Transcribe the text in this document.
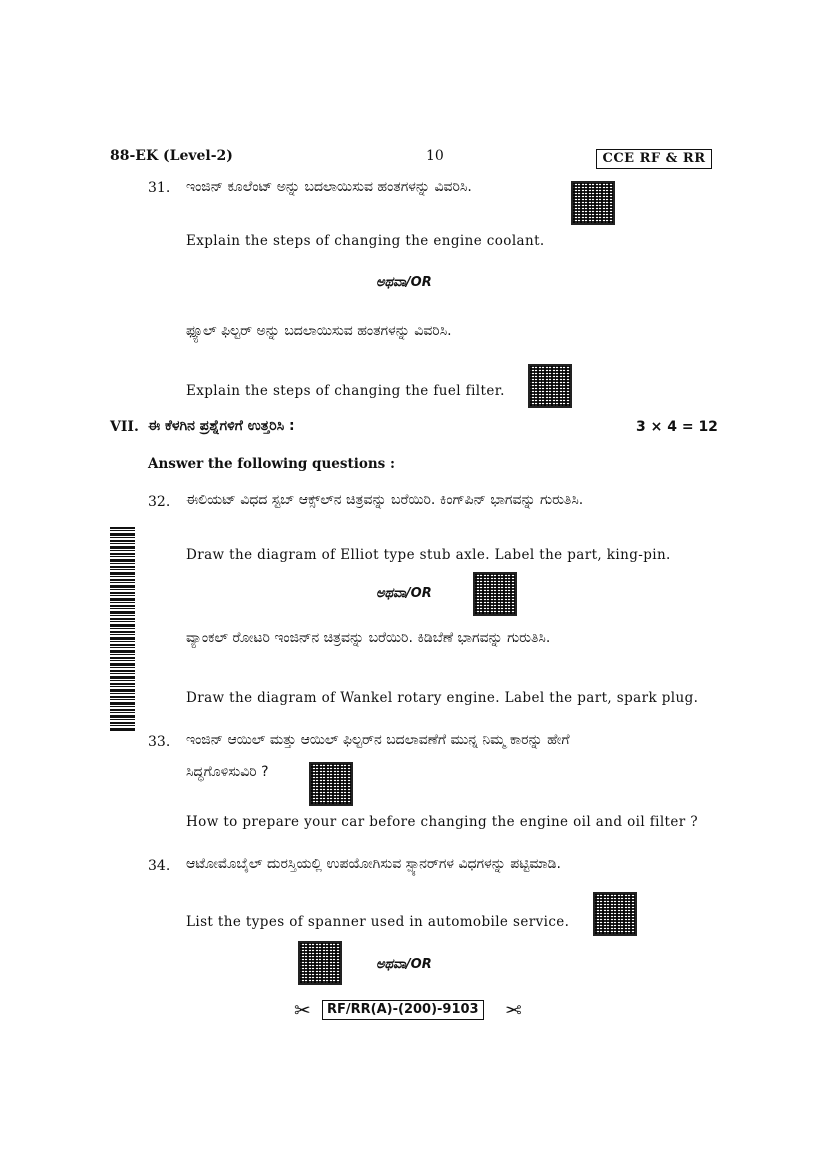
88-EK (Level-2)	10	CCE RF & RR
31. ಇಂಜಿನ್ ಕೂಲೆಂಟ್ ಅನ್ನು ಬದಲಾಯಿಸುವ ಹಂತಗಳನ್ನು ವಿವರಿಸಿ.
Explain the steps of changing the engine coolant.
ಅಥವಾ/OR
ಫ್ಯೂಲ್ ಫಿಲ್ಟರ್ ಅನ್ನು ಬದಲಾಯಿಸುವ ಹಂತಗಳನ್ನು ವಿವರಿಸಿ.
Explain the steps of changing the fuel filter.
VII. ಈ ಕೆಳಗಿನ ಪ್ರಶ್ನೆಗಳಿಗೆ ಉತ್ತರಿಸಿ :	3 × 4 = 12
Answer the following questions :
32. ಈಲಿಯಟ್ ವಿಧದ ಸ್ಟಬ್ ಆಕ್ಸ್‌ಲ್‌ನ ಚಿತ್ರವನ್ನು ಬರೆಯಿರಿ. ಕಿಂಗ್‌ಪಿನ್ ಭಾಗವನ್ನು ಗುರುತಿಸಿ.
Draw the diagram of Elliot type stub axle. Label the part, king-pin.
ಅಥವಾ/OR
ವ್ಯಾಂಕಲ್ ರೋಟರಿ ಇಂಜಿನ್‌ನ ಚಿತ್ರವನ್ನು ಬರೆಯಿರಿ. ಕಿಡಿಬೆಣೆ ಭಾಗವನ್ನು ಗುರುತಿಸಿ.
Draw the diagram of Wankel rotary engine. Label the part, spark plug.
33. ಇಂಜಿನ್ ಆಯಿಲ್ ಮತ್ತು ಆಯಿಲ್ ಫಿಲ್ಟರ್‌ನ ಬದಲಾವಣೆಗೆ ಮುನ್ನ ನಿಮ್ಮ ಕಾರನ್ನು ಹೇಗೆ
ಸಿದ್ಧಗೊಳಿಸುವಿರಿ ?
How to prepare your car before changing the engine oil and oil filter ?
34. ಆಟೋಮೊಬೈಲ್ ದುರಸ್ತಿಯಲ್ಲಿ ಉಪಯೋಗಿಸುವ ಸ್ಪ್ಯಾನರ್‌ಗಳ ವಿಧಗಳನ್ನು ಪಟ್ಟಿಮಾಡಿ.
List the types of spanner used in automobile service.
ಅಥವಾ/OR
✂	RF/RR(A)-(200)-9103 ✂
